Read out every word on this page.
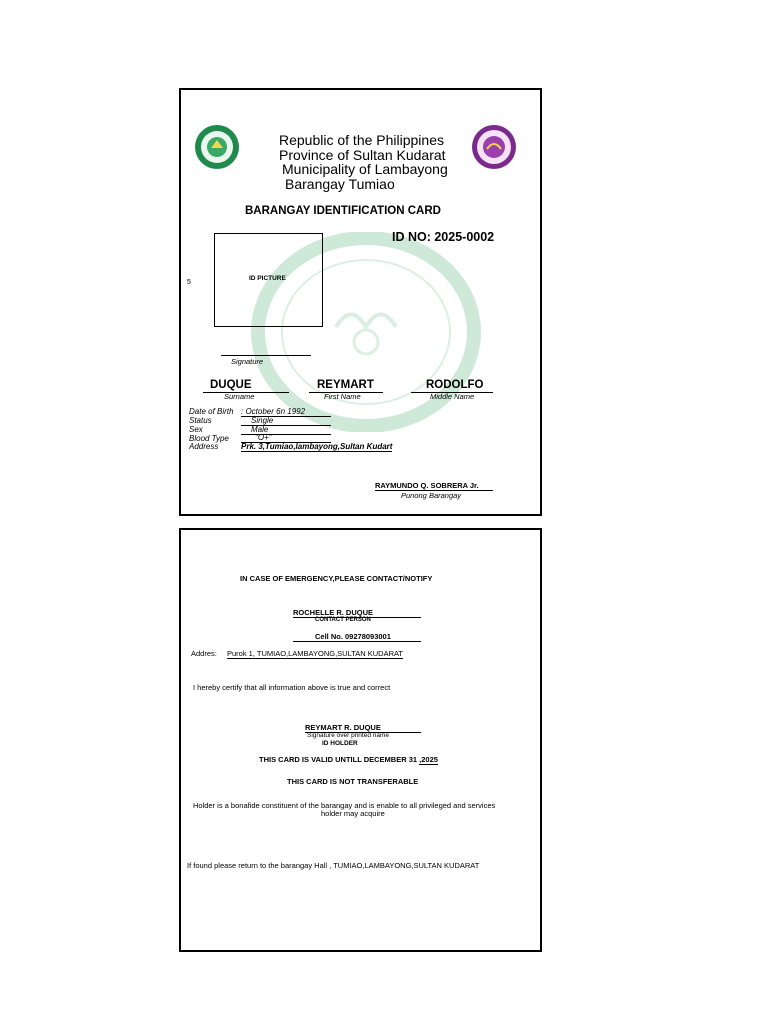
Republic of the Philippines
Province of Sultan Kudarat
Municipality of Lambayong
Barangay Tumiao
BARANGAY IDENTIFICATION CARD
ID NO: 2025-0002
ID PICTURE
5
Signature
DUQUE
Surname
REYMART
First Name
RODOLFO
Middle Name
Date of Birth : October 6n 1992
Status	Single
Sex	Male
Blood Type	"O+"
Address	Prk. 3,Tumiao,lambayong,Sultan Kudart
RAYMUNDO Q. SOBRERA Jr.
Punong Barangay
IN CASE OF EMERGENCY,PLEASE CONTACT/NOTIFY
ROCHELLE R. DUQUE
CONTACT PERSON
Cell No. 09278093001
Addres: Purok 1, TUMIAO,LAMBAYONG,SULTAN KUDARAT
I hereby certify that all information above is true and correct
REYMART R. DUQUE
Signature over printed name
ID HOLDER
THIS CARD IS VALID UNTILL DECEMBER 31 ,2025
THIS CARD IS NOT TRANSFERABLE
Holder is a bonafide constituent of the barangay and is enable to all privileged and services
holder may acquire
If found please return to the barangay Hall , TUMIAO,LAMBAYONG,SULTAN KUDARAT
